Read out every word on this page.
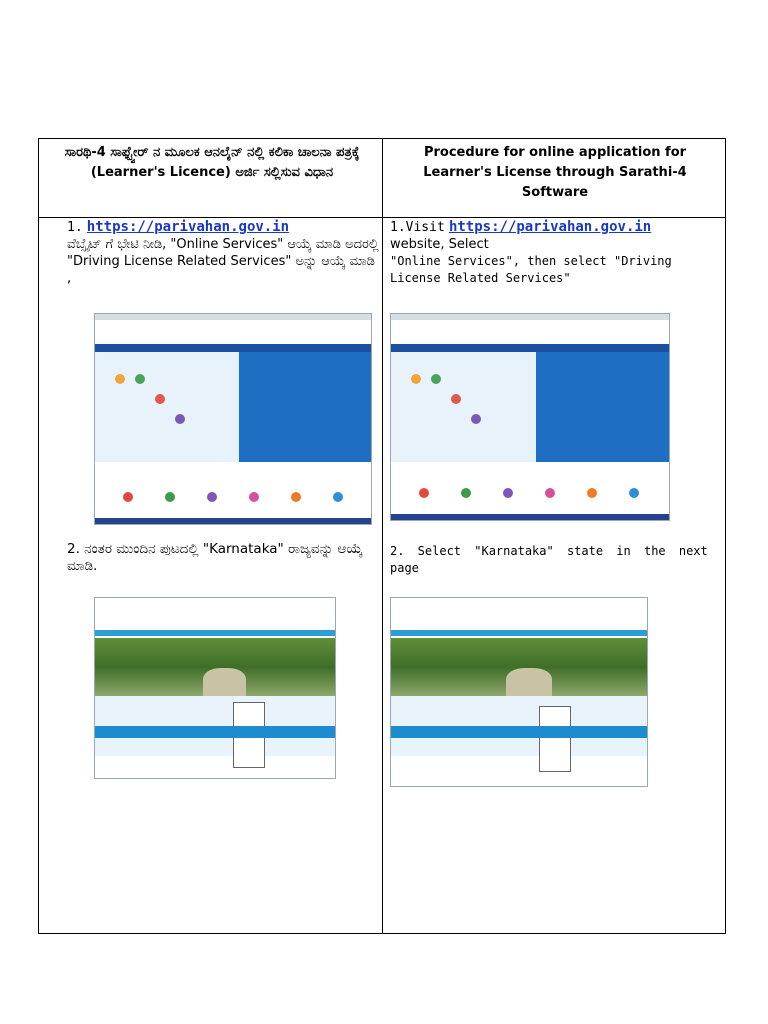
ಸಾರಥಿ-4 ಸಾಫ್ಟ್ವೇರ್ ನ ಮೂಲಕ ಆನಲೈನ್ ನಲ್ಲಿ ಕಲಿಕಾ ಚಾಲನಾ ಪತ್ರಕ್ಕೆ (Learner's Licence) ಅರ್ಜಿ ಸಲ್ಲಿಸುವ ವಿಧಾನ
Procedure for online application for Learner's License through Sarathi-4 Software
1. https://parivahan.gov.in
ವೆಬ್ಸೈಟ್ ಗೆ ಭೇಟಿ ನೀಡಿ, "Online Services" ಆಯ್ಕೆ ಮಾಡಿ ಅದರಲ್ಲಿ "Driving License Related Services" ಅನ್ನು ಆಯ್ಕೆ ಮಾಡಿ ,
1.Visit https://parivahan.gov.in
website, Select
"Online Services", then select "Driving License Related Services"
2. ನಂತರ ಮುಂದಿನ ಪುಟದಲ್ಲಿ "Karnataka" ರಾಜ್ಯವನ್ನು ಆಯ್ಕೆ ಮಾಡಿ.
2. Select "Karnataka" state in the next page
